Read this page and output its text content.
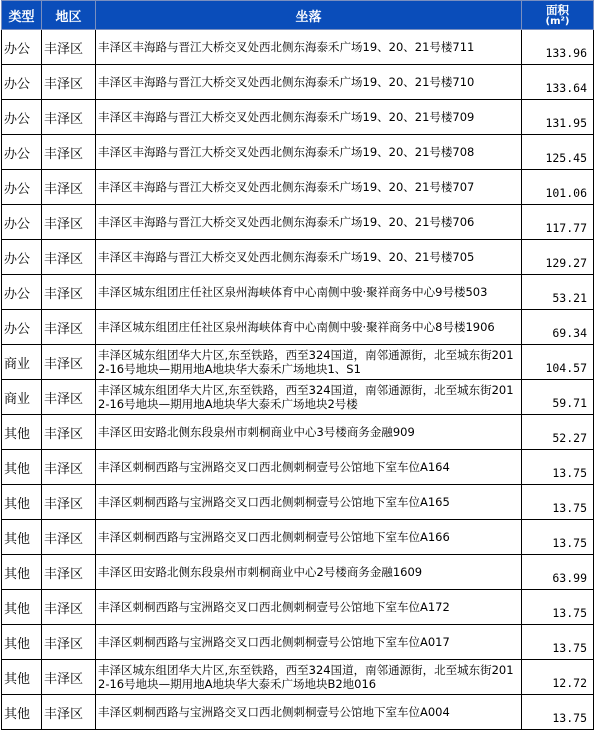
类型	地区	坐落	面积
(m²)

办公	丰泽区	丰泽区丰海路与晋江大桥交叉处西北侧东海泰禾广场19、20、21号楼711	133.96
办公	丰泽区	丰泽区丰海路与晋江大桥交叉处西北侧东海泰禾广场19、20、21号楼710	133.64
办公	丰泽区	丰泽区丰海路与晋江大桥交叉处西北侧东海泰禾广场19、20、21号楼709	131.95
办公	丰泽区	丰泽区丰海路与晋江大桥交叉处西北侧东海泰禾广场19、20、21号楼708	125.45
办公	丰泽区	丰泽区丰海路与晋江大桥交叉处西北侧东海泰禾广场19、20、21号楼707	101.06
办公	丰泽区	丰泽区丰海路与晋江大桥交叉处西北侧东海泰禾广场19、20、21号楼706	117.77
办公	丰泽区	丰泽区丰海路与晋江大桥交叉处西北侧东海泰禾广场19、20、21号楼705	129.27
办公	丰泽区	丰泽区城东组团庄任社区泉州海峡体育中心南侧中骏·聚祥商务中心9号楼503	53.21
办公	丰泽区	丰泽区城东组团庄任社区泉州海峡体育中心南侧中骏·聚祥商务中心8号楼1906	69.34
商业	丰泽区	丰泽区城东组团华大片区,东至铁路，西至324国道，南邻通源街，北至城东街2012-16号地块—期用地A地块华大泰禾广场地块1、S1	104.57
商业	丰泽区	丰泽区城东组团华大片区,东至铁路，西至324国道，南邻通源街，北至城东街2012-16号地块—期用地A地块华大泰禾广场地块2号楼	59.71
其他	丰泽区	丰泽区田安路北侧东段泉州市刺桐商业中心3号楼商务金融909	52.27
其他	丰泽区	丰泽区刺桐西路与宝洲路交叉口西北侧刺桐壹号公馆地下室车位A164	13.75
其他	丰泽区	丰泽区刺桐西路与宝洲路交叉口西北侧刺桐壹号公馆地下室车位A165	13.75
其他	丰泽区	丰泽区刺桐西路与宝洲路交叉口西北侧刺桐壹号公馆地下室车位A166	13.75
其他	丰泽区	丰泽区田安路北侧东段泉州市刺桐商业中心2号楼商务金融1609	63.99
其他	丰泽区	丰泽区刺桐西路与宝洲路交叉口西北侧刺桐壹号公馆地下室车位A172	13.75
其他	丰泽区	丰泽区刺桐西路与宝洲路交叉口西北侧刺桐壹号公馆地下室车位A017	13.75
其他	丰泽区	丰泽区城东组团华大片区,东至铁路，西至324国道，南邻通源街，北至城东街2012-16号地块—期用地A地块华大泰禾广场地块B2地016	12.72
其他	丰泽区	丰泽区刺桐西路与宝洲路交叉口西北侧刺桐壹号公馆地下室车位A004	13.75
